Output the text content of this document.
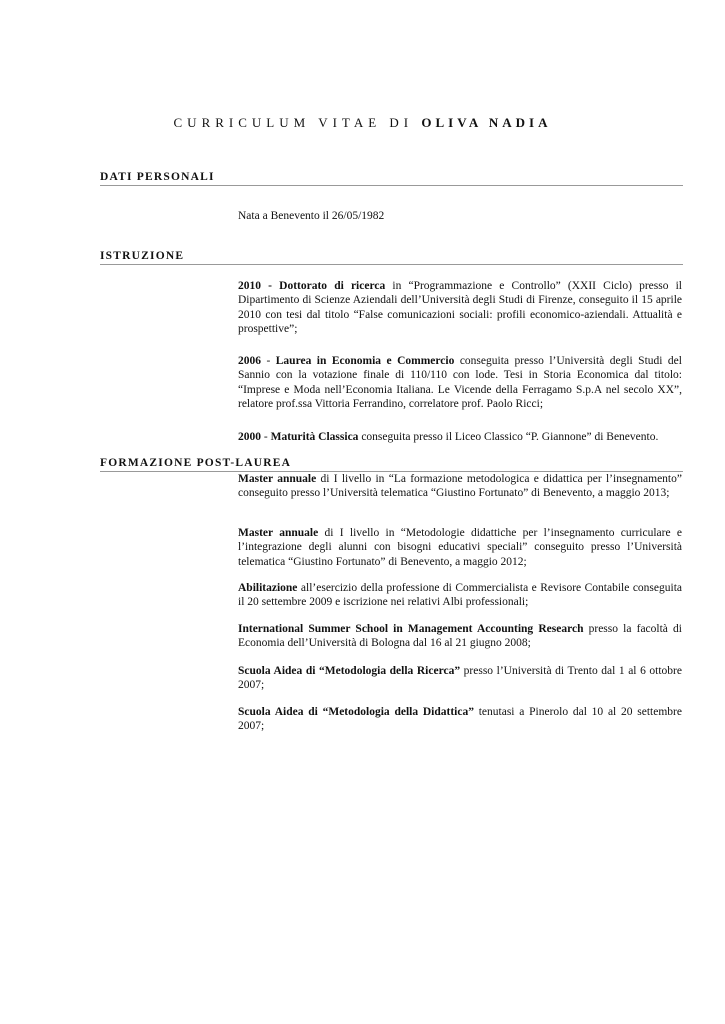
CURRICULUM VITAE DI OLIVA NADIA
DATI PERSONALI

Nata a Benevento il 26/05/1982

ISTRUZIONE

2010 - Dottorato di ricerca in “Programmazione e Controllo” (XXII Ciclo) presso il Dipartimento di Scienze Aziendali dell’Università degli Studi di Firenze, conseguito il 15 aprile 2010 con tesi dal titolo “False comunicazioni sociali: profili economico-aziendali. Attualità e prospettive”;

2006 - Laurea in Economia e Commercio conseguita presso l’Università degli Studi del Sannio con la votazione finale di 110/110 con lode. Tesi in Storia Economica dal titolo: “Imprese e Moda nell’Economia Italiana. Le Vicende della Ferragamo S.p.A nel secolo XX”, relatore prof.ssa Vittoria Ferrandino, correlatore prof. Paolo Ricci;

2000 - Maturità Classica conseguita presso il Liceo Classico “P. Giannone” di Benevento.

FORMAZIONE POST-LAUREA

Master annuale di I livello in “La formazione metodologica e didattica per l’insegnamento” conseguito presso l’Università telematica “Giustino Fortunato” di Benevento, a maggio 2013;

Master annuale di I livello in “Metodologie didattiche per l’insegnamento curriculare e l’integrazione degli alunni con bisogni educativi speciali” conseguito presso l’Università telematica “Giustino Fortunato” di Benevento, a maggio 2012;

Abilitazione all’esercizio della professione di Commercialista e Revisore Contabile conseguita il 20 settembre 2009 e iscrizione nei relativi Albi professionali;

International Summer School in Management Accounting Research presso la facoltà di Economia dell’Università di Bologna dal 16 al 21 giugno 2008;

Scuola Aidea di “Metodologia della Ricerca” presso l’Università di Trento dal 1 al 6 ottobre 2007;

Scuola Aidea di “Metodologia della Didattica” tenutasi a Pinerolo dal 10 al 20 settembre 2007;
